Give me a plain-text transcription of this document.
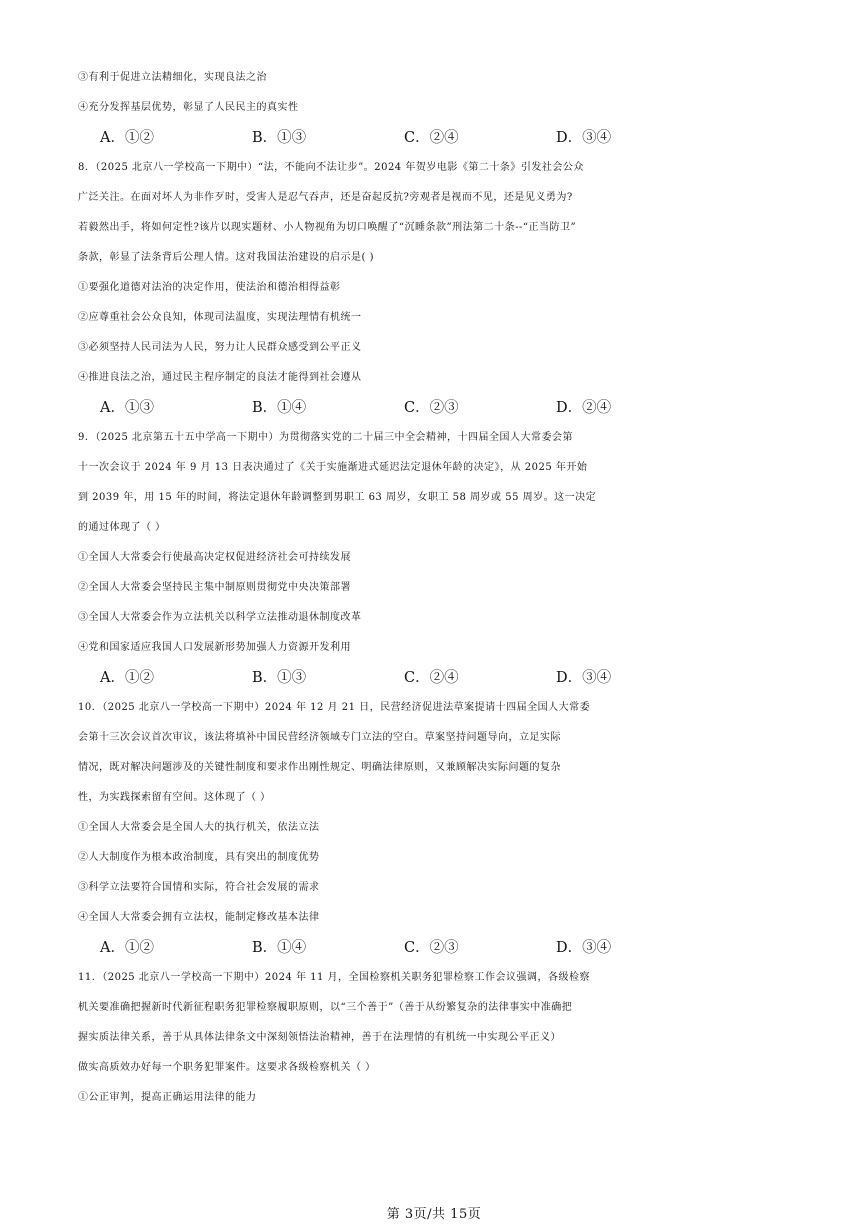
③有利于促进立法精细化，实现良法之治
④充分发挥基层优势，彰显了人民民主的真实性
A．①②	B．①③	C．②④	D．③④
8．（2025 北京八一学校高一下期中）“法，不能向不法让步”。2024 年贺岁电影《第二十条》引发社会公众
广泛关注。在面对坏人为非作歹时，受害人是忍气吞声，还是奋起反抗?旁观者是视而不见，还是见义勇为?
若毅然出手，将如何定性?该片以现实题材、小人物视角为切口唤醒了“沉睡条款”刑法第二十条--“正当防卫”
条款，彰显了法条背后公理人情。这对我国法治建设的启示是( )
①要强化道德对法治的决定作用，使法治和德治相得益彰
②应尊重社会公众良知，体现司法温度，实现法理情有机统一
③必须坚持人民司法为人民，努力让人民群众感受到公平正义
④推进良法之治，通过民主程序制定的良法才能得到社会遵从
A．①③	B．①④	C．②③	D．②④
9．（2025 北京第五十五中学高一下期中）为贯彻落实党的二十届三中全会精神，十四届全国人大常委会第
十一次会议于 2024 年 9 月 13 日表决通过了《关于实施渐进式延迟法定退休年龄的决定》，从 2025 年开始
到 2039 年，用 15 年的时间，将法定退休年龄调整到男职工 63 周岁，女职工 58 周岁或 55 周岁。这一决定
的通过体现了（ ）
①全国人大常委会行使最高决定权促进经济社会可持续发展
②全国人大常委会坚持民主集中制原则贯彻党中央决策部署
③全国人大常委会作为立法机关以科学立法推动退休制度改革
④党和国家适应我国人口发展新形势加强人力资源开发利用
A．①②	B．①③	C．②④	D．③④
10．（2025 北京八一学校高一下期中）2024 年 12 月 21 日，民营经济促进法草案提请十四届全国人大常委
会第十三次会议首次审议，该法将填补中国民营经济领域专门立法的空白。草案坚持问题导向，立足实际
情况，既对解决问题涉及的关键性制度和要求作出刚性规定、明确法律原则，又兼顾解决实际问题的复杂
性，为实践探索留有空间。这体现了（ ）
①全国人大常委会是全国人大的执行机关，依法立法
②人大制度作为根本政治制度，具有突出的制度优势
③科学立法要符合国情和实际，符合社会发展的需求
④全国人大常委会拥有立法权，能制定修改基本法律
A．①②	B．①④	C．②③	D．③④
11．（2025 北京八一学校高一下期中）2024 年 11 月，全国检察机关职务犯罪检察工作会议强调，各级检察
机关要准确把握新时代新征程职务犯罪检察履职原则，以“三个善于”（善于从纷繁复杂的法律事实中准确把
握实质法律关系，善于从具体法律条文中深刻领悟法治精神，善于在法理情的有机统一中实现公平正义）
做实高质效办好每一个职务犯罪案件。这要求各级检察机关（ ）
①公正审判，提高正确运用法律的能力
第 3页/共 15页
